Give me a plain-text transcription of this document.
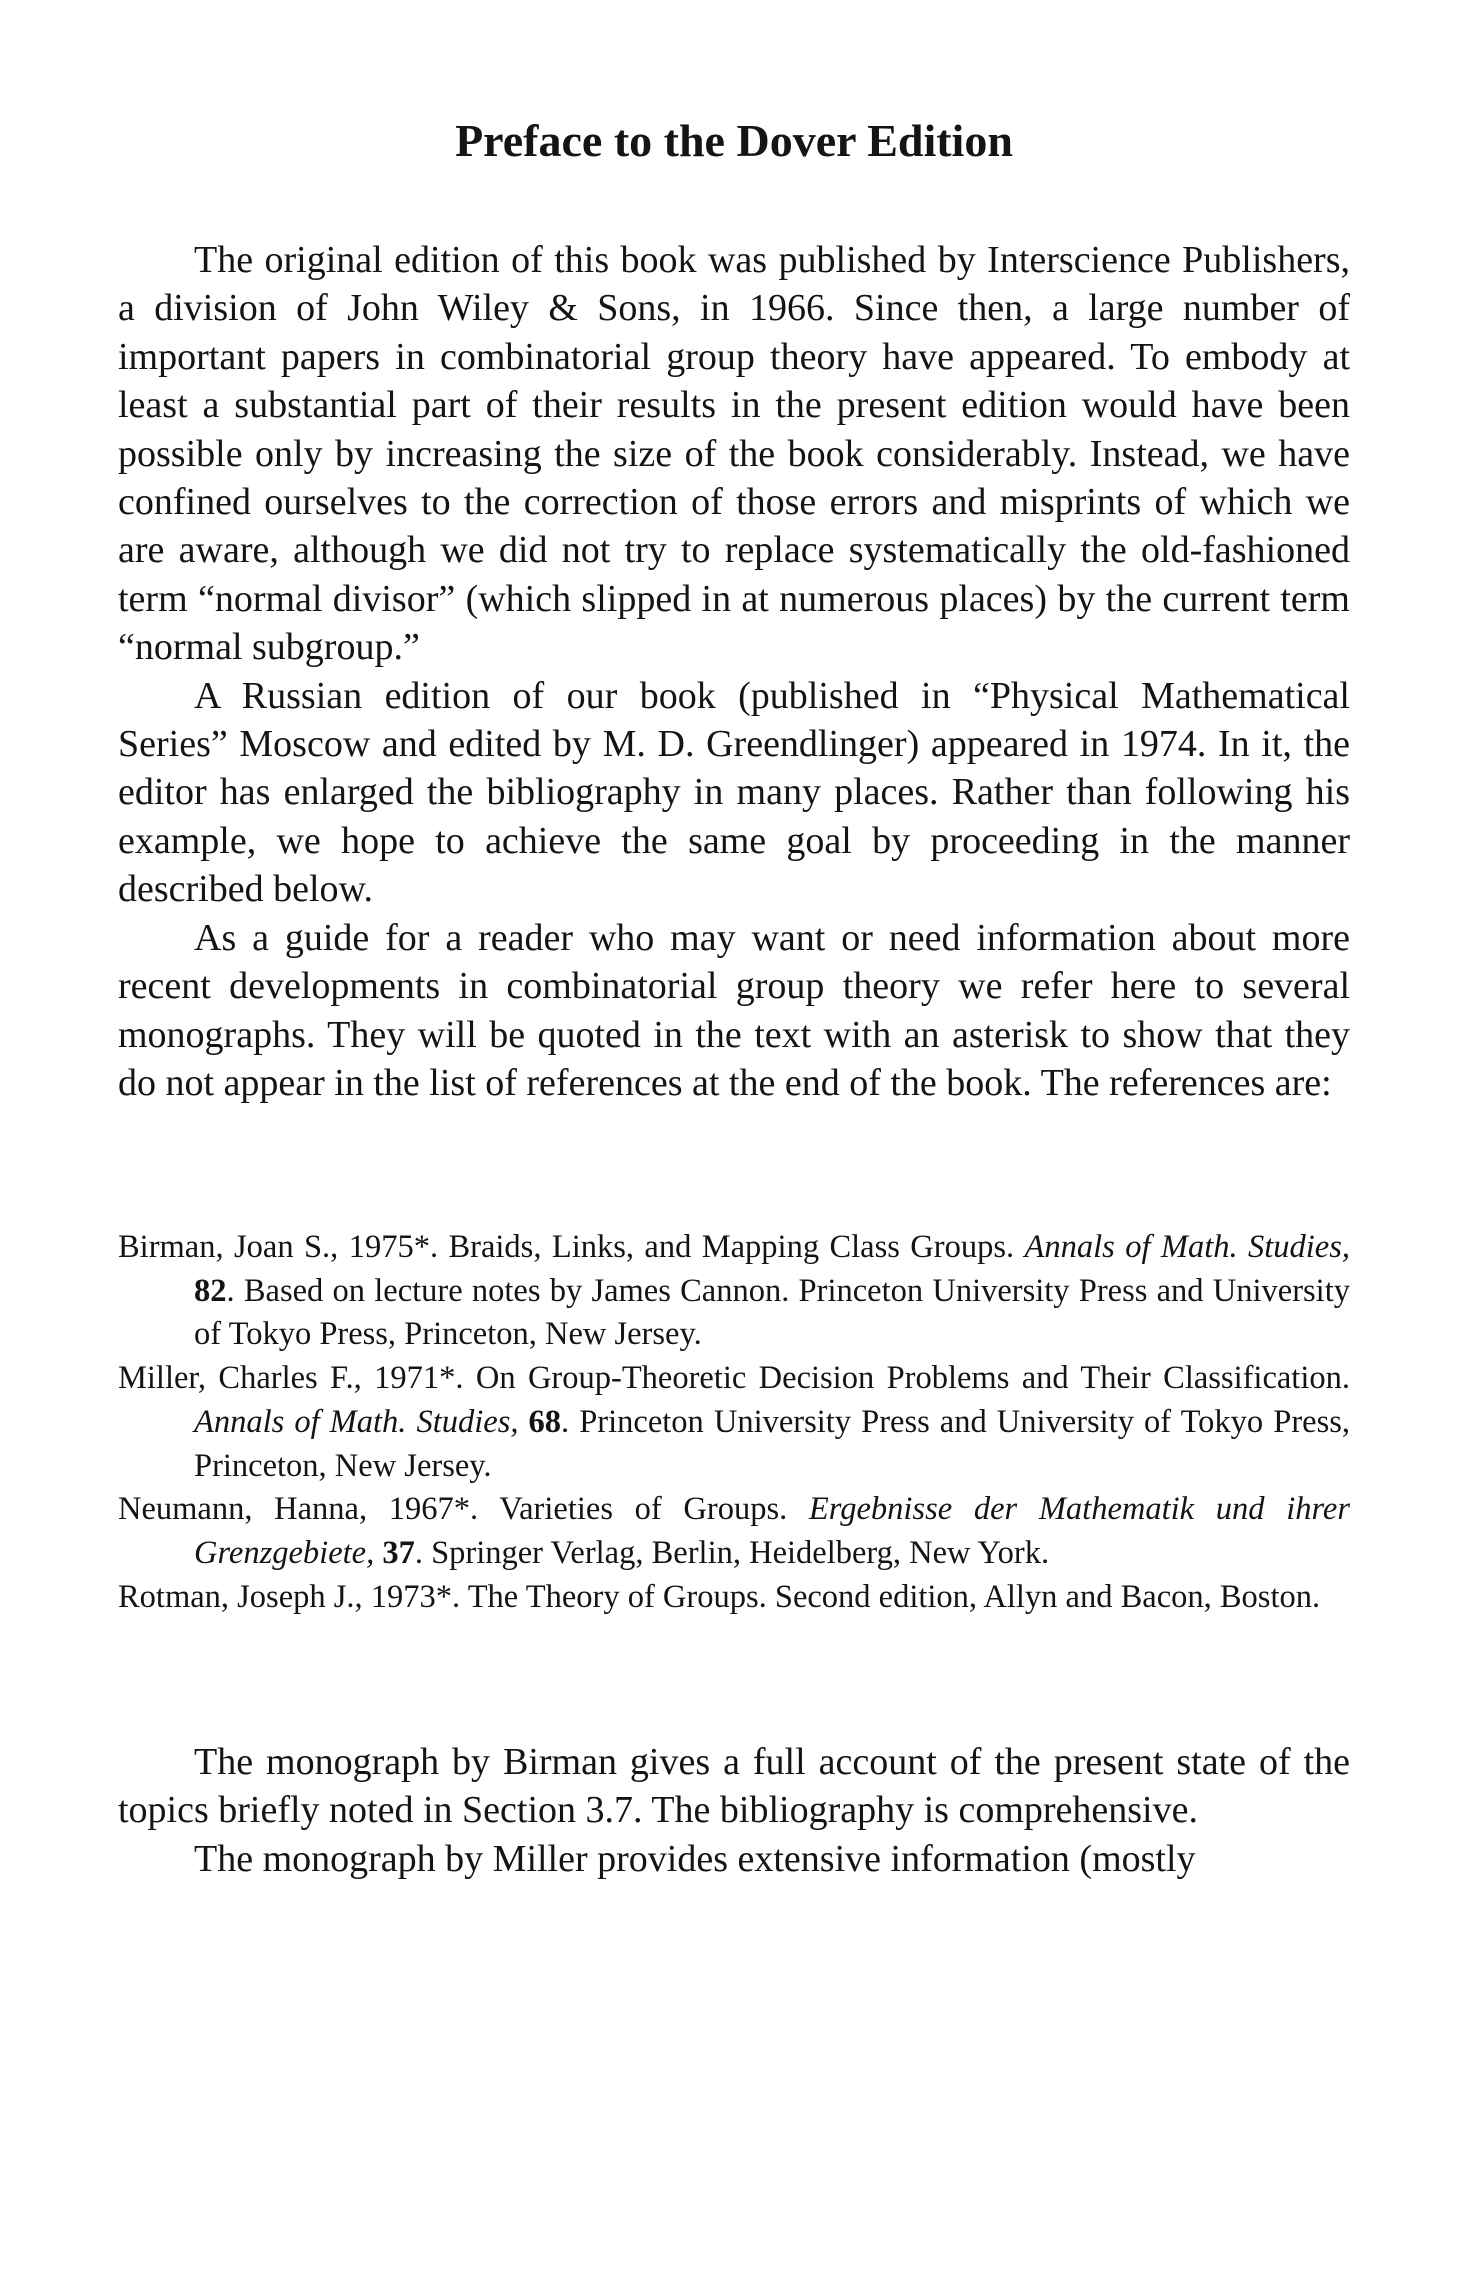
Preface to the Dover Edition

The original edition of this book was published by Interscience Publishers, a division of John Wiley & Sons, in 1966. Since then, a large number of important papers in combinatorial group theory have appeared. To embody at least a substantial part of their results in the present edition would have been possible only by increasing the size of the book considerably. Instead, we have confined ourselves to the correction of those errors and misprints of which we are aware, although we did not try to replace systematically the old-fashioned term “normal divisor” (which slipped in at numerous places) by the current term “normal subgroup.”

A Russian edition of our book (published in “Physical Mathematical Series” Moscow and edited by M. D. Greendlinger) appeared in 1974. In it, the editor has enlarged the bibliography in many places. Rather than following his example, we hope to achieve the same goal by proceeding in the manner described below.

As a guide for a reader who may want or need information about more recent developments in combinatorial group theory we refer here to several monographs. They will be quoted in the text with an asterisk to show that they do not appear in the list of references at the end of the book. The references are:

Birman, Joan S., 1975*. Braids, Links, and Mapping Class Groups. Annals of Math. Studies, 82. Based on lecture notes by James Cannon. Princeton University Press and University of Tokyo Press, Princeton, New Jersey.

Miller, Charles F., 1971*. On Group-Theoretic Decision Problems and Their Classification. Annals of Math. Studies, 68. Princeton University Press and University of Tokyo Press, Princeton, New Jersey.

Neumann, Hanna, 1967*. Varieties of Groups. Ergebnisse der Mathematik und ihrer Grenzgebiete, 37. Springer Verlag, Berlin, Heidelberg, New York.

Rotman, Joseph J., 1973*. The Theory of Groups. Second edition, Allyn and Bacon, Boston.

The monograph by Birman gives a full account of the present state of the topics briefly noted in Section 3.7. The bibliography is comprehensive.

The monograph by Miller provides extensive information (mostly
